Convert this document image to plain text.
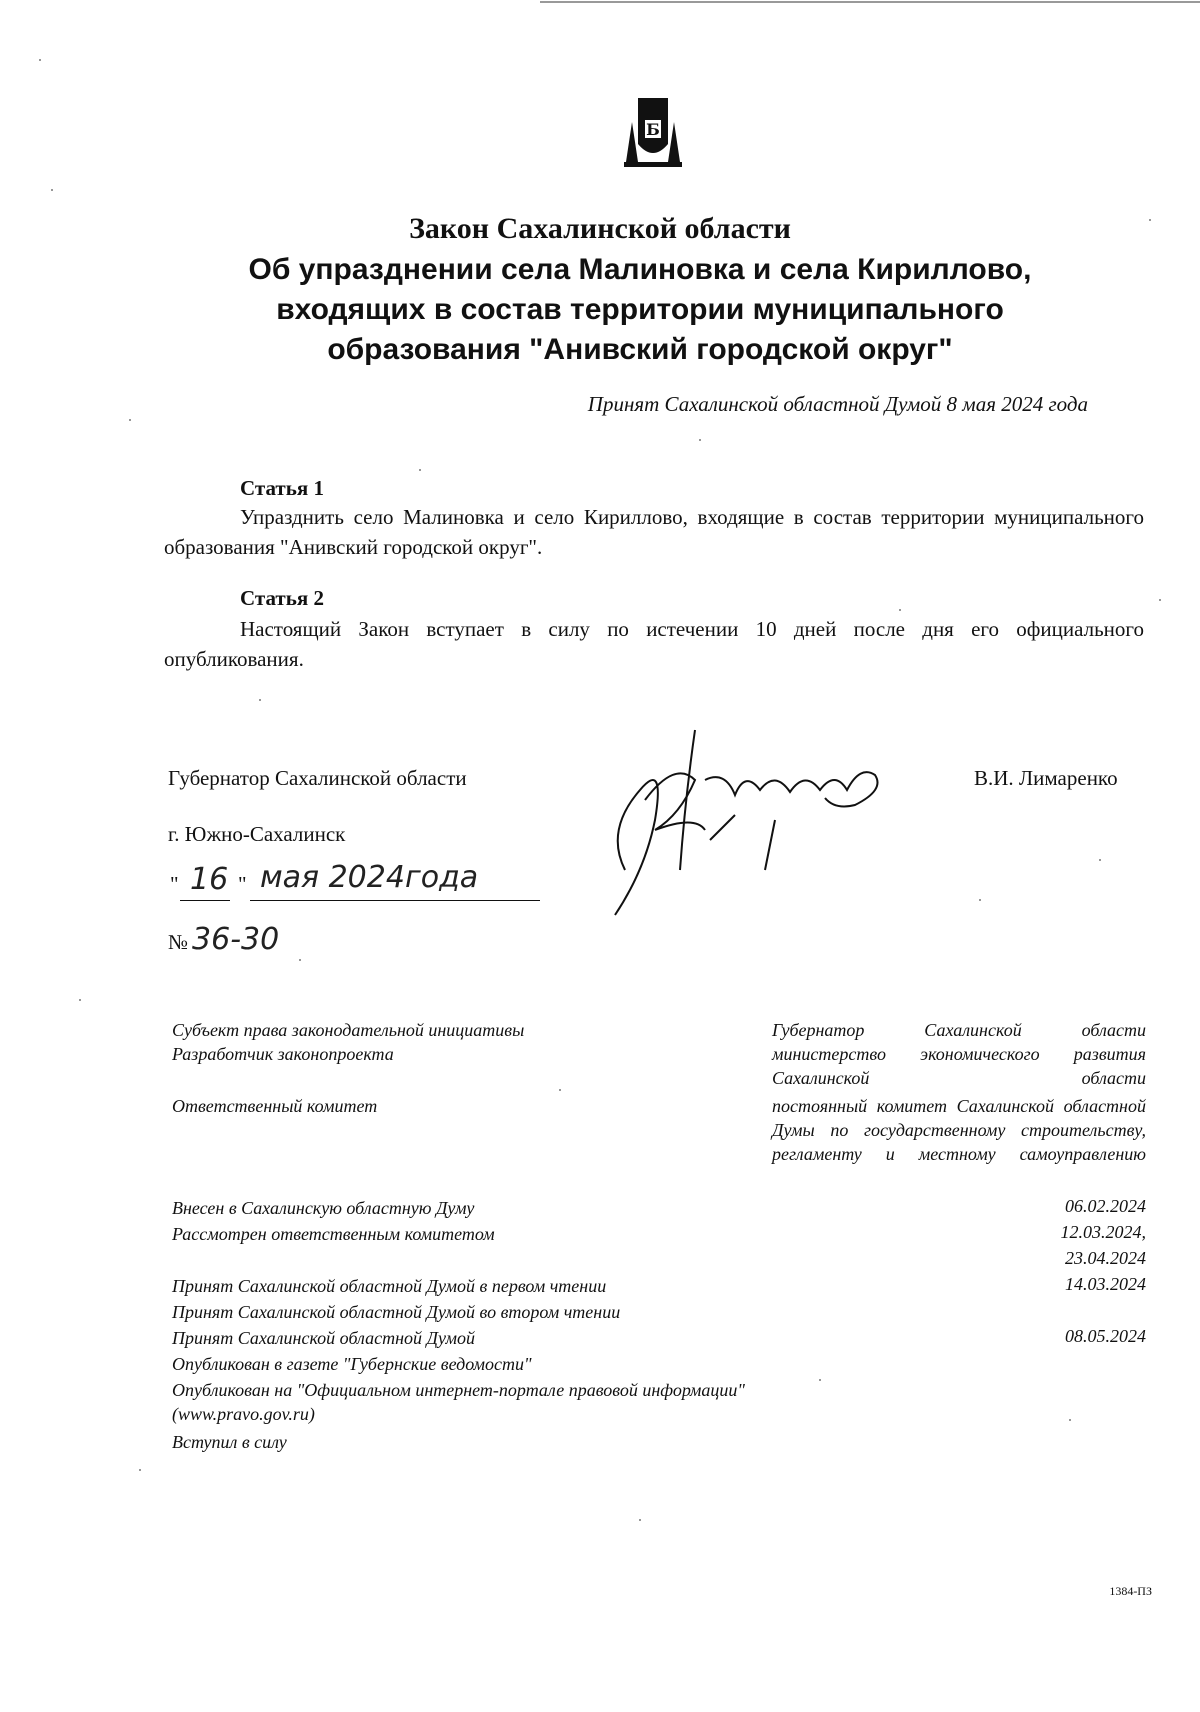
Б
Закон Сахалинской области
Об упразднении села Малиновка и села Кириллово,
входящих в состав территории муниципального
образования "Анивский городской округ"
Принят Сахалинской областной Думой 8 мая 2024 года
Статья 1
Упразднить село Малиновка и село Кириллово, входящие в состав территории муниципального образования "Анивский городской округ".
Статья 2
Настоящий Закон вступает в силу по истечении 10 дней после дня его официального опубликования.
Губернатор Сахалинской области	В.И. Лимаренко
г. Южно-Сахалинск
" 16 " мая 2024года
№ 36-30
Субъект права законодательной инициативы
Разработчик законопроекта
Ответственный комитет
Губернатор Сахалинской области
министерство экономического развития Сахалинской области
постоянный комитет Сахалинской областной Думы по государственному строительству, регламенту и местному самоуправлению
Внесен в Сахалинскую областную Думу
Рассмотрен ответственным комитетом
Принят Сахалинской областной Думой в первом чтении
Принят Сахалинской областной Думой во втором чтении
Принят Сахалинской областной Думой
Опубликован в газете "Губернские ведомости"
Опубликован на "Официальном интернет-портале правовой информации" (www.pravo.gov.ru)
Вступил в силу
06.02.2024
12.03.2024,
23.04.2024
14.03.2024
08.05.2024
1384-ПЗ
